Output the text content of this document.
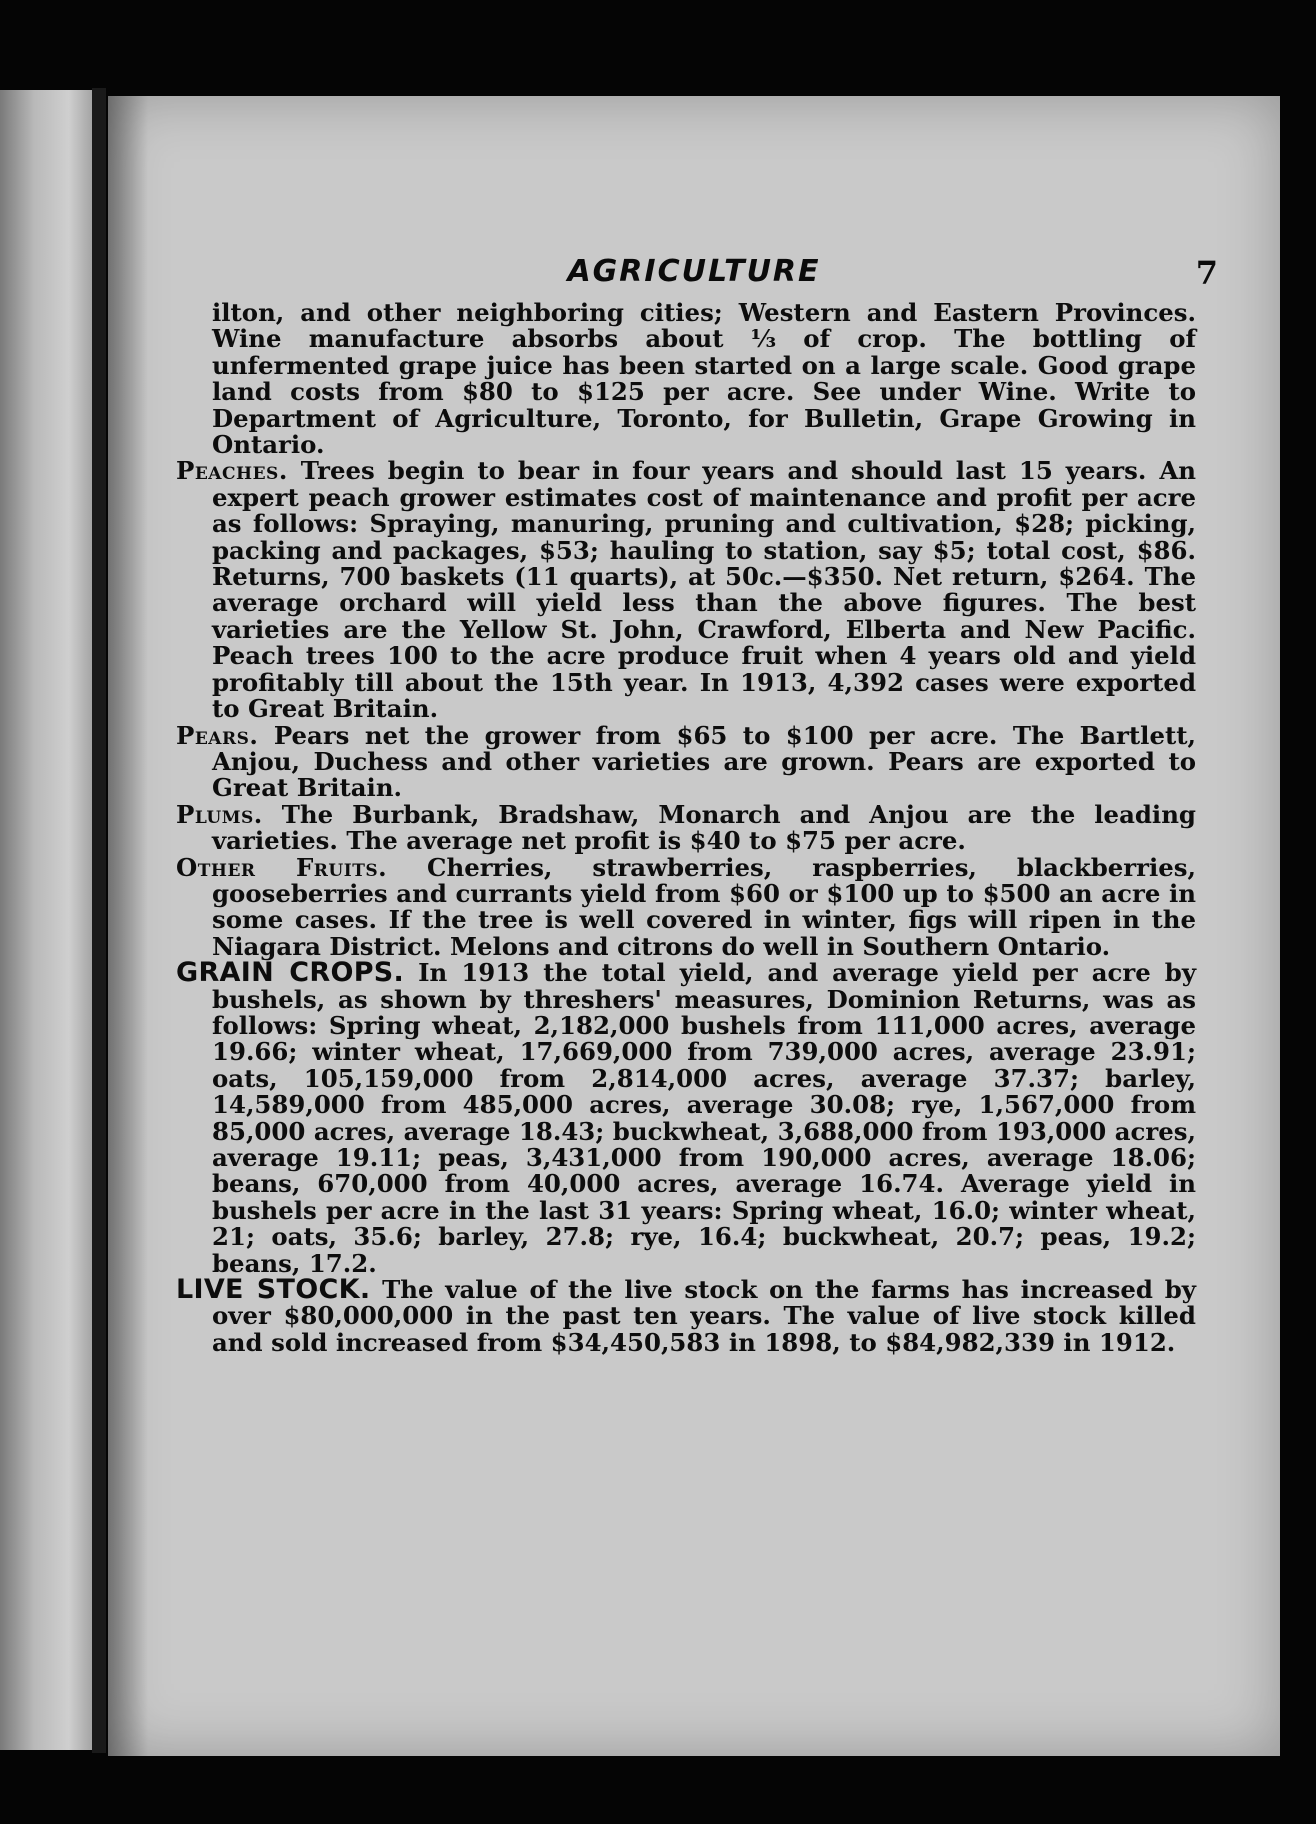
AGRICULTURE	7

ilton, and other neighboring cities; Western and Eastern Provinces. Wine manufacture absorbs about ⅓ of crop. The bottling of unfermented grape juice has been started on a large scale. Good grape land costs from $80 to $125 per acre. See under Wine. Write to Department of Agriculture, Toronto, for Bulletin, Grape Growing in Ontario.

Peaches. Trees begin to bear in four years and should last 15 years. An expert peach grower estimates cost of maintenance and profit per acre as follows: Spraying, manuring, pruning and cultivation, $28; picking, packing and packages, $53; hauling to station, say $5; total cost, $86. Returns, 700 baskets (11 quarts), at 50c.—$350. Net return, $264. The average orchard will yield less than the above figures. The best varieties are the Yellow St. John, Crawford, Elberta and New Pacific. Peach trees 100 to the acre produce fruit when 4 years old and yield profitably till about the 15th year. In 1913, 4,392 cases were exported to Great Britain.

Pears. Pears net the grower from $65 to $100 per acre. The Bartlett, Anjou, Duchess and other varieties are grown. Pears are exported to Great Britain.

Plums. The Burbank, Bradshaw, Monarch and Anjou are the leading varieties. The average net profit is $40 to $75 per acre.

Other Fruits. Cherries, strawberries, raspberries, blackberries, gooseberries and currants yield from $60 or $100 up to $500 an acre in some cases. If the tree is well covered in winter, figs will ripen in the Niagara District. Melons and citrons do well in Southern Ontario.

GRAIN CROPS. In 1913 the total yield, and average yield per acre by bushels, as shown by threshers' measures, Dominion Returns, was as follows: Spring wheat, 2,182,000 bushels from 111,000 acres, average 19.66; winter wheat, 17,669,000 from 739,000 acres, average 23.91; oats, 105,159,000 from 2,814,000 acres, average 37.37; barley, 14,589,000 from 485,000 acres, average 30.08; rye, 1,567,000 from 85,000 acres, average 18.43; buckwheat, 3,688,000 from 193,000 acres, average 19.11; peas, 3,431,000 from 190,000 acres, average 18.06; beans, 670,000 from 40,000 acres, average 16.74. Average yield in bushels per acre in the last 31 years: Spring wheat, 16.0; winter wheat, 21; oats, 35.6; barley, 27.8; rye, 16.4; buckwheat, 20.7; peas, 19.2; beans, 17.2.

LIVE STOCK. The value of the live stock on the farms has increased by over $80,000,000 in the past ten years. The value of live stock killed and sold increased from $34,450,583 in 1898, to $84,982,339 in 1912.
